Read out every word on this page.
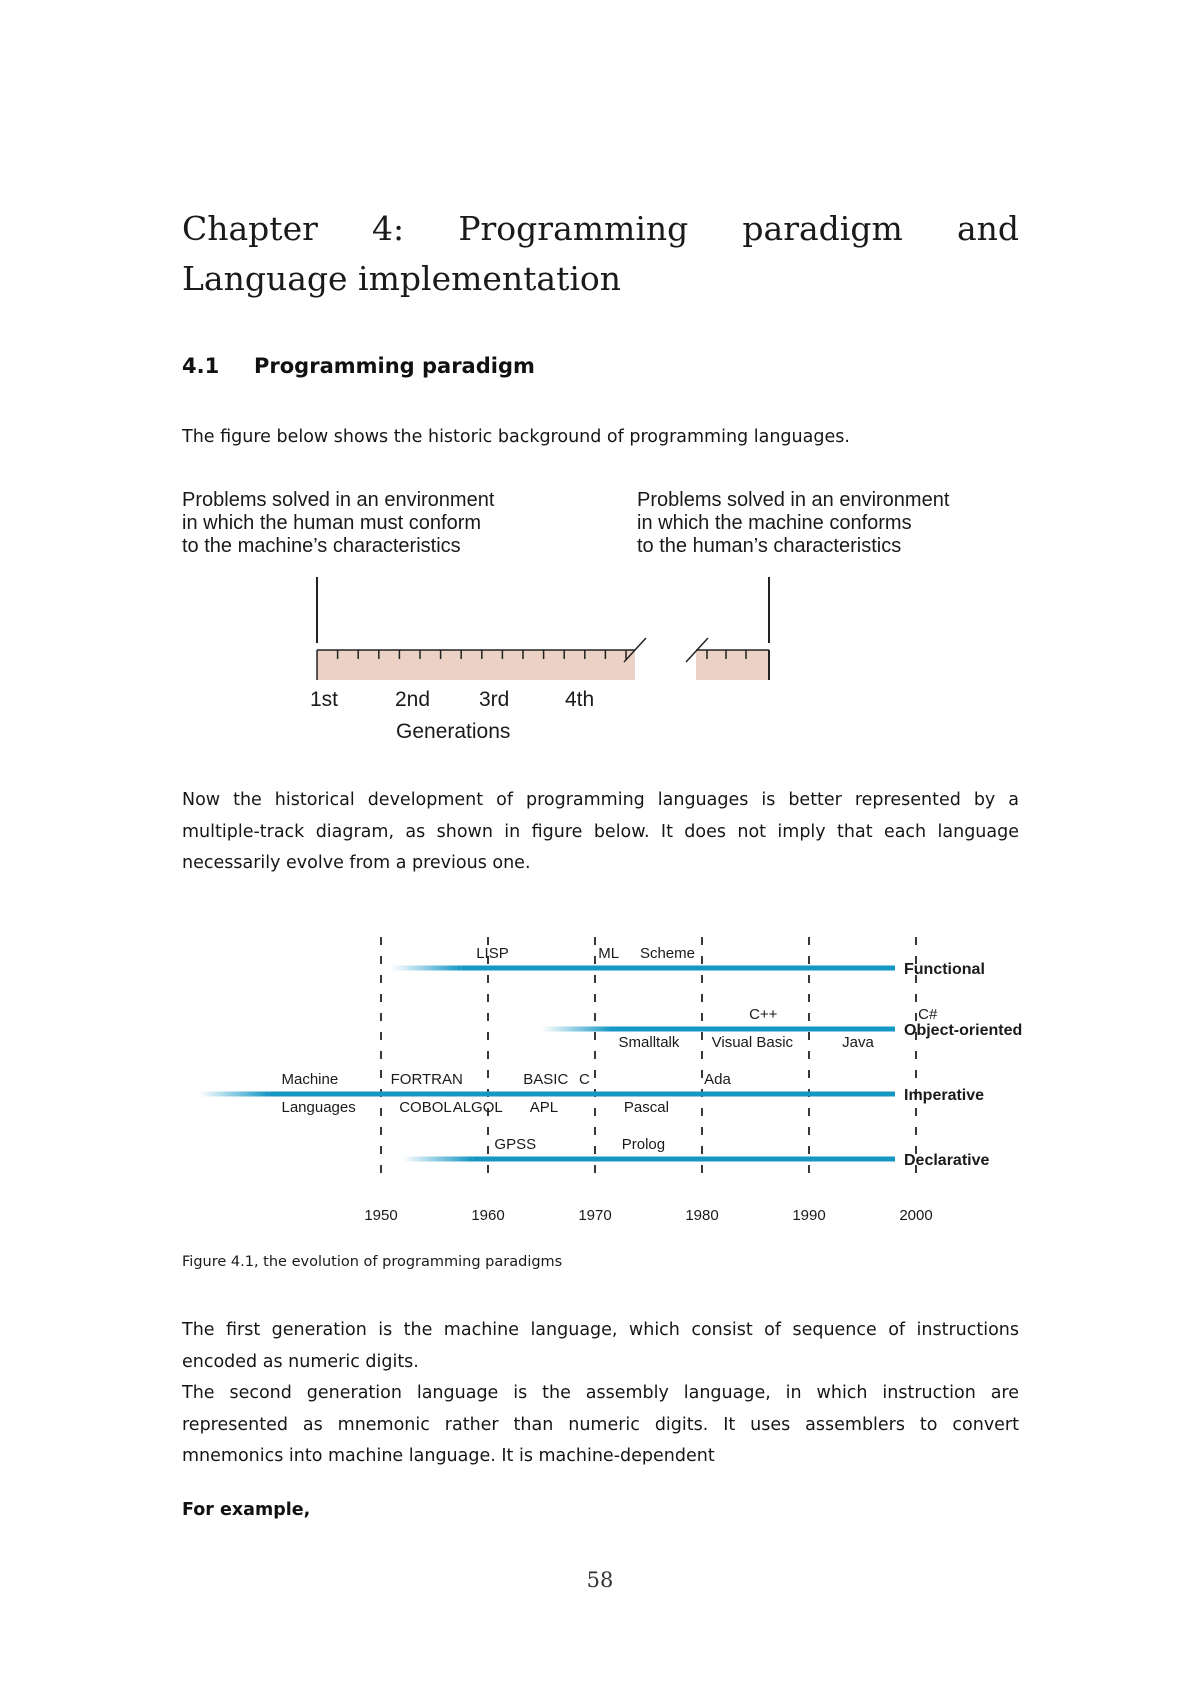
Chapter 4: Programming paradigm and Language implementation
4.1 Programming paradigm

The figure below shows the historic background of programming languages.

Problems solved in an environment
in which the human must conform
to the machine’s characteristics
Problems solved in an environment
in which the machine conforms
to the human’s characteristics
1st	2nd 3rd	4th
Generations

Now the historical development of programming languages is better represented by a multiple-track diagram, as shown in figure below. It does not imply that each language necessarily evolve from a previous one.

Functional
Object-oriented
Imperative
Declarative
LISP	ML Scheme
C++	C#
Smalltalk Visual Basic	Java
Machine	FORTRAN	BASIC C	Ada
Languages	COBOL ALGOL APL	Pascal
GPSS	Prolog
1950	1960	1970	1980	1990	2000

Figure 4.1, the evolution of programming paradigms

The first generation is the machine language, which consist of sequence of instructions encoded as numeric digits.

The second generation language is the assembly language, in which instruction are represented as mnemonic rather than numeric digits. It uses assemblers to convert mnemonics into machine language. It is machine-dependent

For example,

58
